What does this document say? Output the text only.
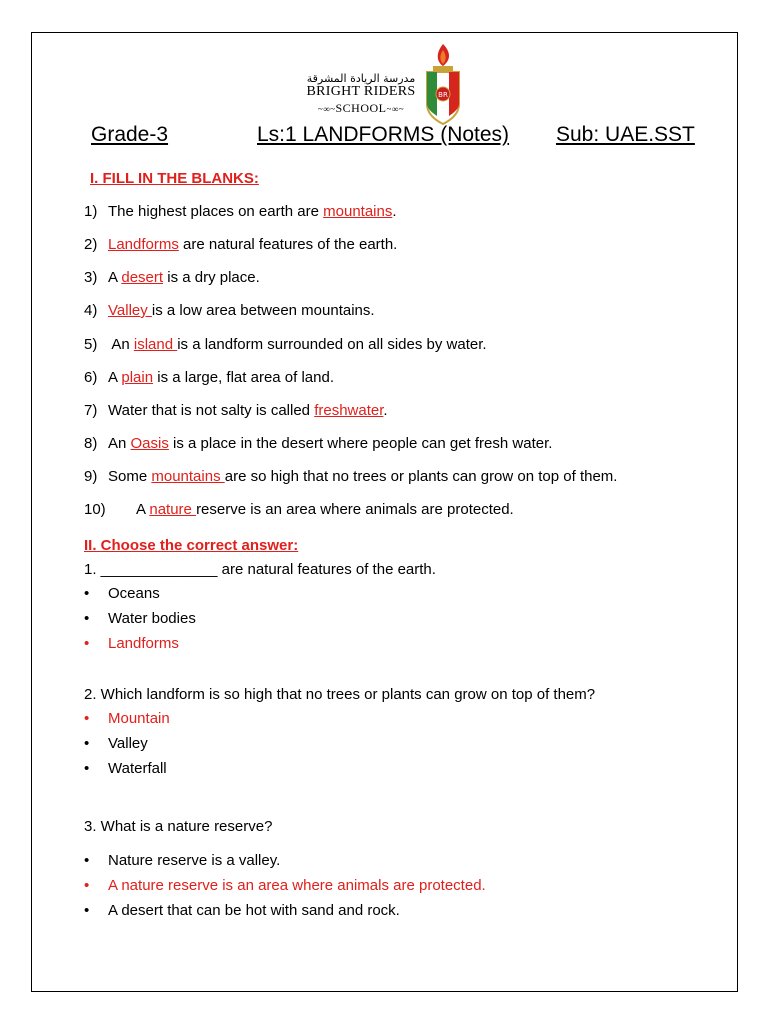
مدرسة الريادة المشرقة
BRIGHT RIDERS
~∞~SCHOOL~∞~
BR
Grade-3	Ls:1 LANDFORMS (Notes) Sub: UAE.SST
I. FILL IN THE BLANKS:
1) The highest places on earth are mountains.
2) Landforms are natural features of the earth.
3) A desert is a dry place.
4) Valley is a low area between mountains.
5) An island is a landform surrounded on all sides by water.
6) A plain is a large, flat area of land.
7) Water that is not salty is called freshwater.
8) An Oasis is a place in the desert where people can get fresh water.
9) Some mountains are so high that no trees or plants can grow on top of them.
10) A nature reserve is an area where animals are protected.
II. Choose the correct answer:
1. ______________ are natural features of the earth.
• Oceans
• Water bodies
• Landforms
2. Which landform is so high that no trees or plants can grow on top of them?
• Mountain
• Valley
• Waterfall
3. What is a nature reserve?
• Nature reserve is a valley.
• A nature reserve is an area where animals are protected.
• A desert that can be hot with sand and rock.
